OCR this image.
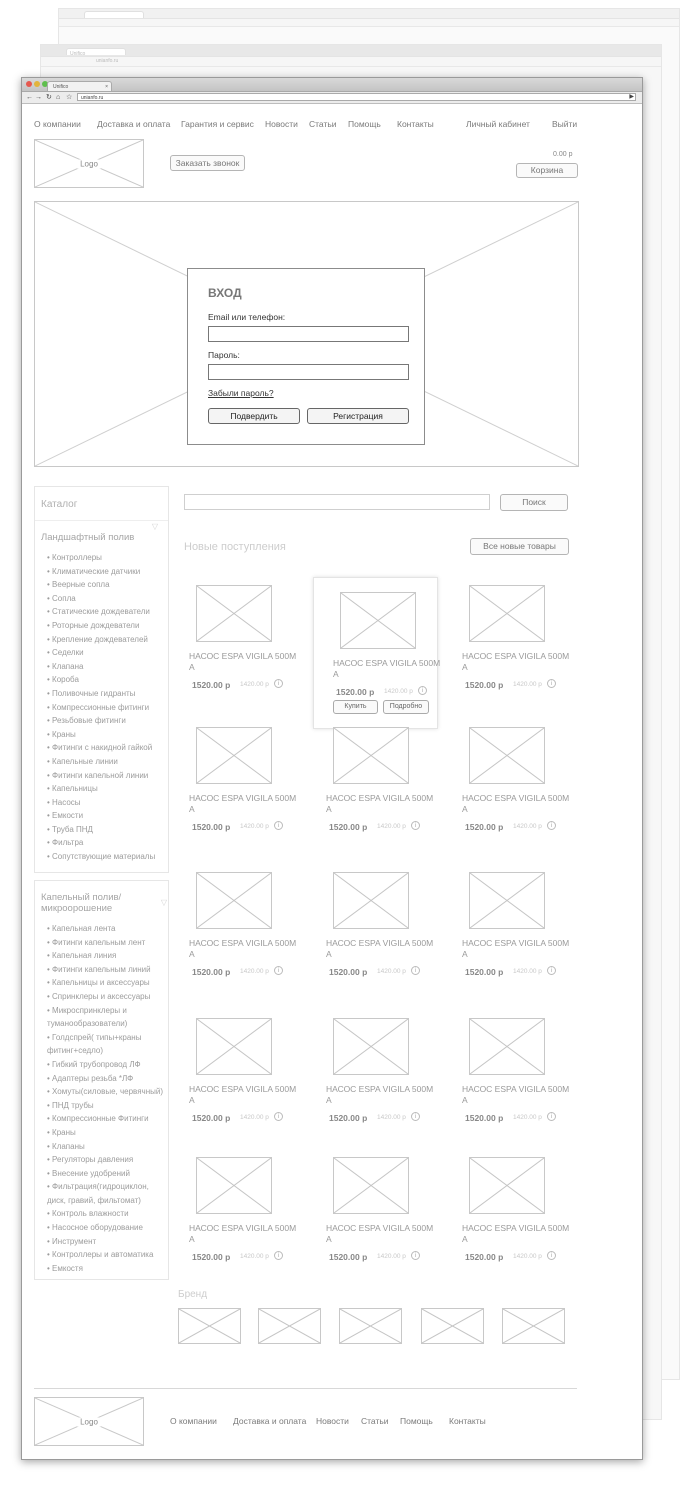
Unifico
unianfo.ru
Unifico	×
← → ↻ ⌂ ☆	unianfo.ru	▶
О компании Доставка и оплата Гарантия и сервис Новости Статьи Помощь Контакты	Личный кабинет	Выйти
Logo	Заказать звонок
0.00 р
Корзина
ВХОД
Email или телефон:
Пароль:
Забыли пароль?
Подвердить	Регистрация
Каталог
Ландшафтный полив
▽
• Контроллеры
• Климатические датчики
• Веерные сопла
• Сопла
• Статические дождеватели
• Роторные дождеватели
• Крепление дождевателей
• Седелки
• Клапана
• Короба
• Поливочные гидранты
• Компрессионные фитинги
• Резьбовые фитинги
• Краны
• Фитинги с накидной гайкой
• Капельные линии
• Фитинги капельной линии
• Капельницы
• Насосы
• Емкости
• Труба ПНД
• Фильтра
• Сопутствующие материалы
Капельный полив/ микроорошение
▽
• Капельная лента
• Фитинги капельным лент
• Капельная линия
• Фитинги капельным линий
• Капельницы и аксессуары
• Спринклеры и аксессуары
• Микроспринклеры и туманообразователи)
• Голдспрей( типы+краны фитинг+седло)
• Гибкий трубопровод ЛФ
• Адаптеры резьба *ЛФ
• Хомуты(силовые, червячный)
• ПНД трубы
• Компрессионные Фитинги
• Краны
• Клапаны
• Регуляторы давления
• Внесение удобрений
• Фильтрация(гидроциклон, диск, гравий, фильтомат)
• Контроль влажности
• Насосное оборудование
• Инструмент
• Контроллеры и автоматика
• Емкостя
Поиск
Новые поступления	Все новые товары
НАСОС ESPA VIGILA 500M A
1520.00 р 1420.00 р	i
НАСОС ESPA VIGILA 500M A
1520.00 р 1420.00 р	i
Купить	Подробно
НАСОС ESPA VIGILA 500M A
1520.00 р 1420.00 р	i
НАСОС ESPA VIGILA 500M A
1520.00 р 1420.00 р	i
НАСОС ESPA VIGILA 500M A
1520.00 р 1420.00 р	i
НАСОС ESPA VIGILA 500M A
1520.00 р 1420.00 р	i
НАСОС ESPA VIGILA 500M A
1520.00 р 1420.00 р	i
НАСОС ESPA VIGILA 500M A
1520.00 р 1420.00 р	i
НАСОС ESPA VIGILA 500M A
1520.00 р 1420.00 р	i
НАСОС ESPA VIGILA 500M A
1520.00 р 1420.00 р	i
НАСОС ESPA VIGILA 500M A
1520.00 р 1420.00 р	i
НАСОС ESPA VIGILA 500M A
1520.00 р 1420.00 р	i
НАСОС ESPA VIGILA 500M A
1520.00 р 1420.00 р	i
НАСОС ESPA VIGILA 500M A
1520.00 р 1420.00 р	i
НАСОС ESPA VIGILA 500M A
1520.00 р 1420.00 р	i
Бренд
Logo	О компании Доставка и оплата Новости Статьи Помощь Контакты
